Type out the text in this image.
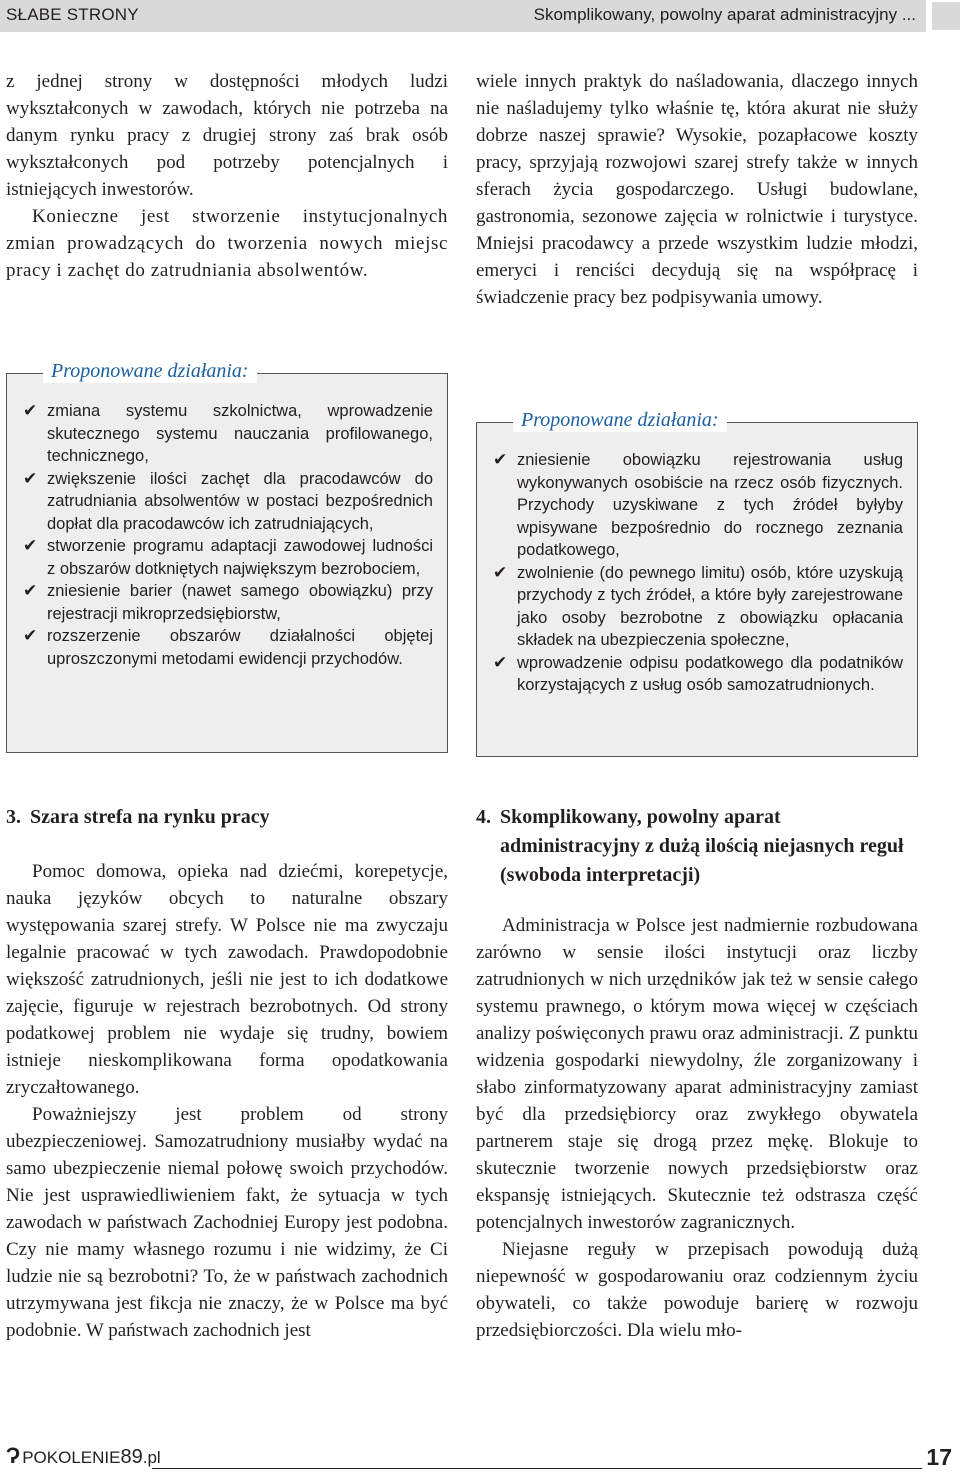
SŁABE STRONY	Skomplikowany, powolny aparat administracyjny ...

z jednej strony w dostępności młodych ludzi wykształconych w zawodach, których nie potrzeba na danym rynku pracy z drugiej strony zaś brak osób wykształconych pod potrzeby potencjalnych i istniejących inwestorów.

Konieczne jest stworzenie instytucjonalnych zmian prowadzących do tworzenia nowych miejsc pracy i zachęt do zatrudniania absolwentów.

Proponowane działania:
✔ zmiana systemu szkolnictwa, wprowadzenie skutecznego systemu nauczania profilowanego, technicznego,
✔ zwiększenie ilości zachęt dla pracodawców do zatrudniania absolwentów w postaci bezpośrednich dopłat dla pracodawców ich zatrudniających,
✔ stworzenie programu adaptacji zawodowej ludności z obszarów dotkniętych największym bezrobociem,
✔ zniesienie barier (nawet samego obowiązku) przy rejestracji mikroprzedsiębiorstw,
✔ rozszerzenie obszarów działalności objętej uproszczonymi metodami ewidencji przychodów.

wiele innych praktyk do naśladowania, dlaczego innych nie naśladujemy tylko właśnie tę, która akurat nie służy dobrze naszej sprawie? Wysokie, pozapłacowe koszty pracy, sprzyjają rozwojowi szarej strefy także w innych sferach życia gospodarczego. Usługi budowlane, gastronomia, sezonowe zajęcia w rolnictwie i turystyce. Mniejsi pracodawcy a przede wszystkim ludzie młodzi, emeryci i renciści decydują się na współpracę i świadczenie pracy bez podpisywania umowy.

Proponowane działania:
✔ zniesienie obowiązku rejestrowania usług wykonywanych osobiście na rzecz osób fizycznych. Przychody uzyskiwane z tych źródeł byłyby wpisywane bezpośrednio do rocznego zeznania podatkowego,
✔ zwolnienie (do pewnego limitu) osób, które uzyskują przychody z tych źródeł, a które były zarejestrowane jako osoby bezrobotne z obowiązku opłacania składek na ubezpieczenia społeczne,
✔ wprowadzenie odpisu podatkowego dla podatników korzystających z usług osób samozatrudnionych.
3. Szara strefa na rynku pracy

Pomoc domowa, opieka nad dziećmi, korepetycje, nauka języków obcych to naturalne obszary występowania szarej strefy. W Polsce nie ma zwyczaju legalnie pracować w tych zawodach. Prawdopodobnie większość zatrudnionych, jeśli nie jest to ich dodatkowe zajęcie, figuruje w rejestrach bezrobotnych. Od strony podatkowej problem nie wydaje się trudny, bowiem istnieje nieskomplikowana forma opodatkowania zryczałtowanego.

Poważniejszy jest problem od strony ubezpieczeniowej. Samozatrudniony musiałby wydać na samo ubezpieczenie niemal połowę swoich przychodów. Nie jest usprawiedliwieniem fakt, że sytuacja w tych zawodach w państwach Zachodniej Europy jest podobna. Czy nie mamy własnego rozumu i nie widzimy, że Ci ludzie nie są bezrobotni? To, że w państwach zachodnich utrzymywana jest fikcja nie znaczy, że w Polsce ma być podobnie. W państwach zachodnich jest

4. Skomplikowany, powolny aparat administracyjny z dużą ilością niejasnych reguł (swoboda interpretacji)

Administracja w Polsce jest nadmiernie rozbudowana zarówno w sensie ilości instytucji oraz liczby zatrudnionych w nich urzędników jak też w sensie całego systemu prawnego, o którym mowa więcej w częściach analizy poświęconych prawu oraz administracji. Z punktu widzenia gospodarki niewydolny, źle zorganizowany i słabo zinformatyzowany aparat administracyjny zamiast być dla przedsiębiorcy oraz zwykłego obywatela partnerem staje się drogą przez mękę. Blokuje to skutecznie tworzenie nowych przedsiębiorstw oraz ekspansję istniejących. Skutecznie też odstrasza część potencjalnych inwestorów zagranicznych.

Niejasne reguły w przepisach powodują dużą niepewność w gospodarowaniu oraz codziennym życiu obywateli, co także powoduje barierę w rozwoju przedsiębiorczości. Dla wielu mło-

Ɂ POKOLENIE89.pl	17
